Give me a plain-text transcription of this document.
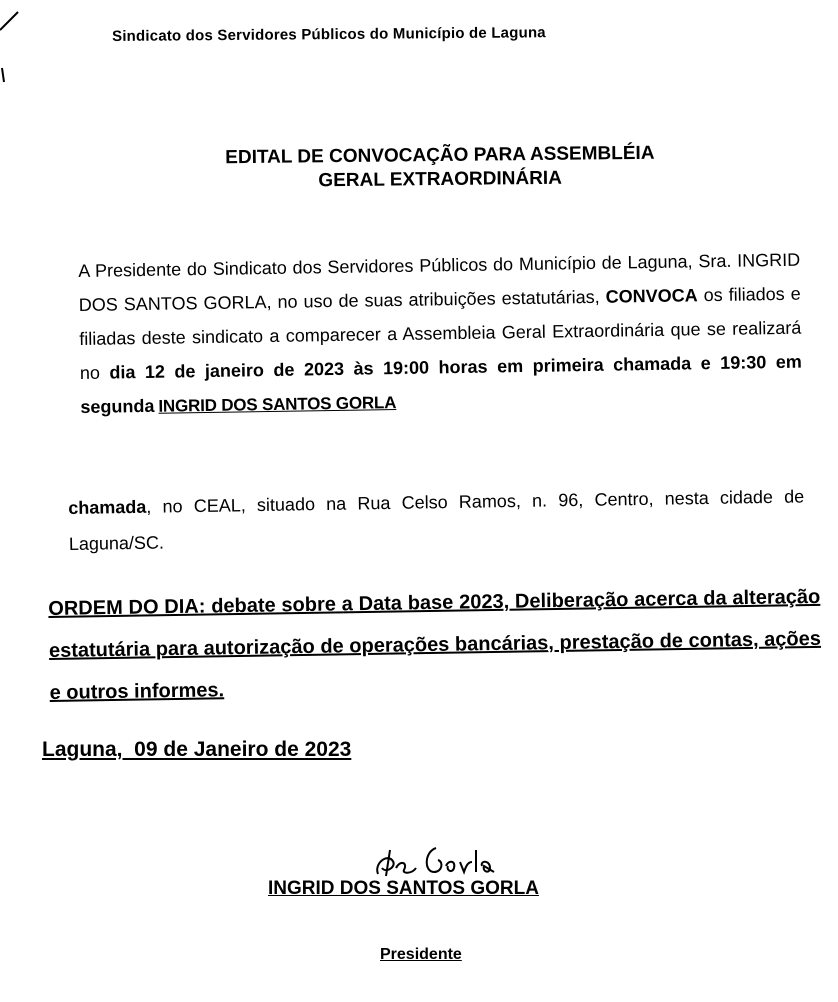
Sindicato dos Servidores Públicos do Município de Laguna
EDITAL DE CONVOCAÇÃO PARA ASSEMBLÉIA
GERAL EXTRAORDINÁRIA
A Presidente do Sindicato dos Servidores Públicos do Município de Laguna, Sra. INGRID DOS SANTOS GORLA, no uso de suas atribuições estatutárias, CONVOCA os filiados e filiadas deste sindicato a comparecer a Assembleia Geral Extraordinária que se realizará no dia 12 de janeiro de 2023 às 19:00 horas em primeira chamada e 19:30 em segunda INGRID DOS SANTOS GORLA
chamada, no CEAL, situado na Rua Celso Ramos, n. 96, Centro, nesta cidade de Laguna/SC.
ORDEM DO DIA: debate sobre a Data base 2023, Deliberação acerca da alteração estatutária para autorização de operações bancárias, prestação de contas, ações e outros informes.
Laguna,  09 de Janeiro de 2023
INGRID DOS SANTOS GORLA
Presidente
